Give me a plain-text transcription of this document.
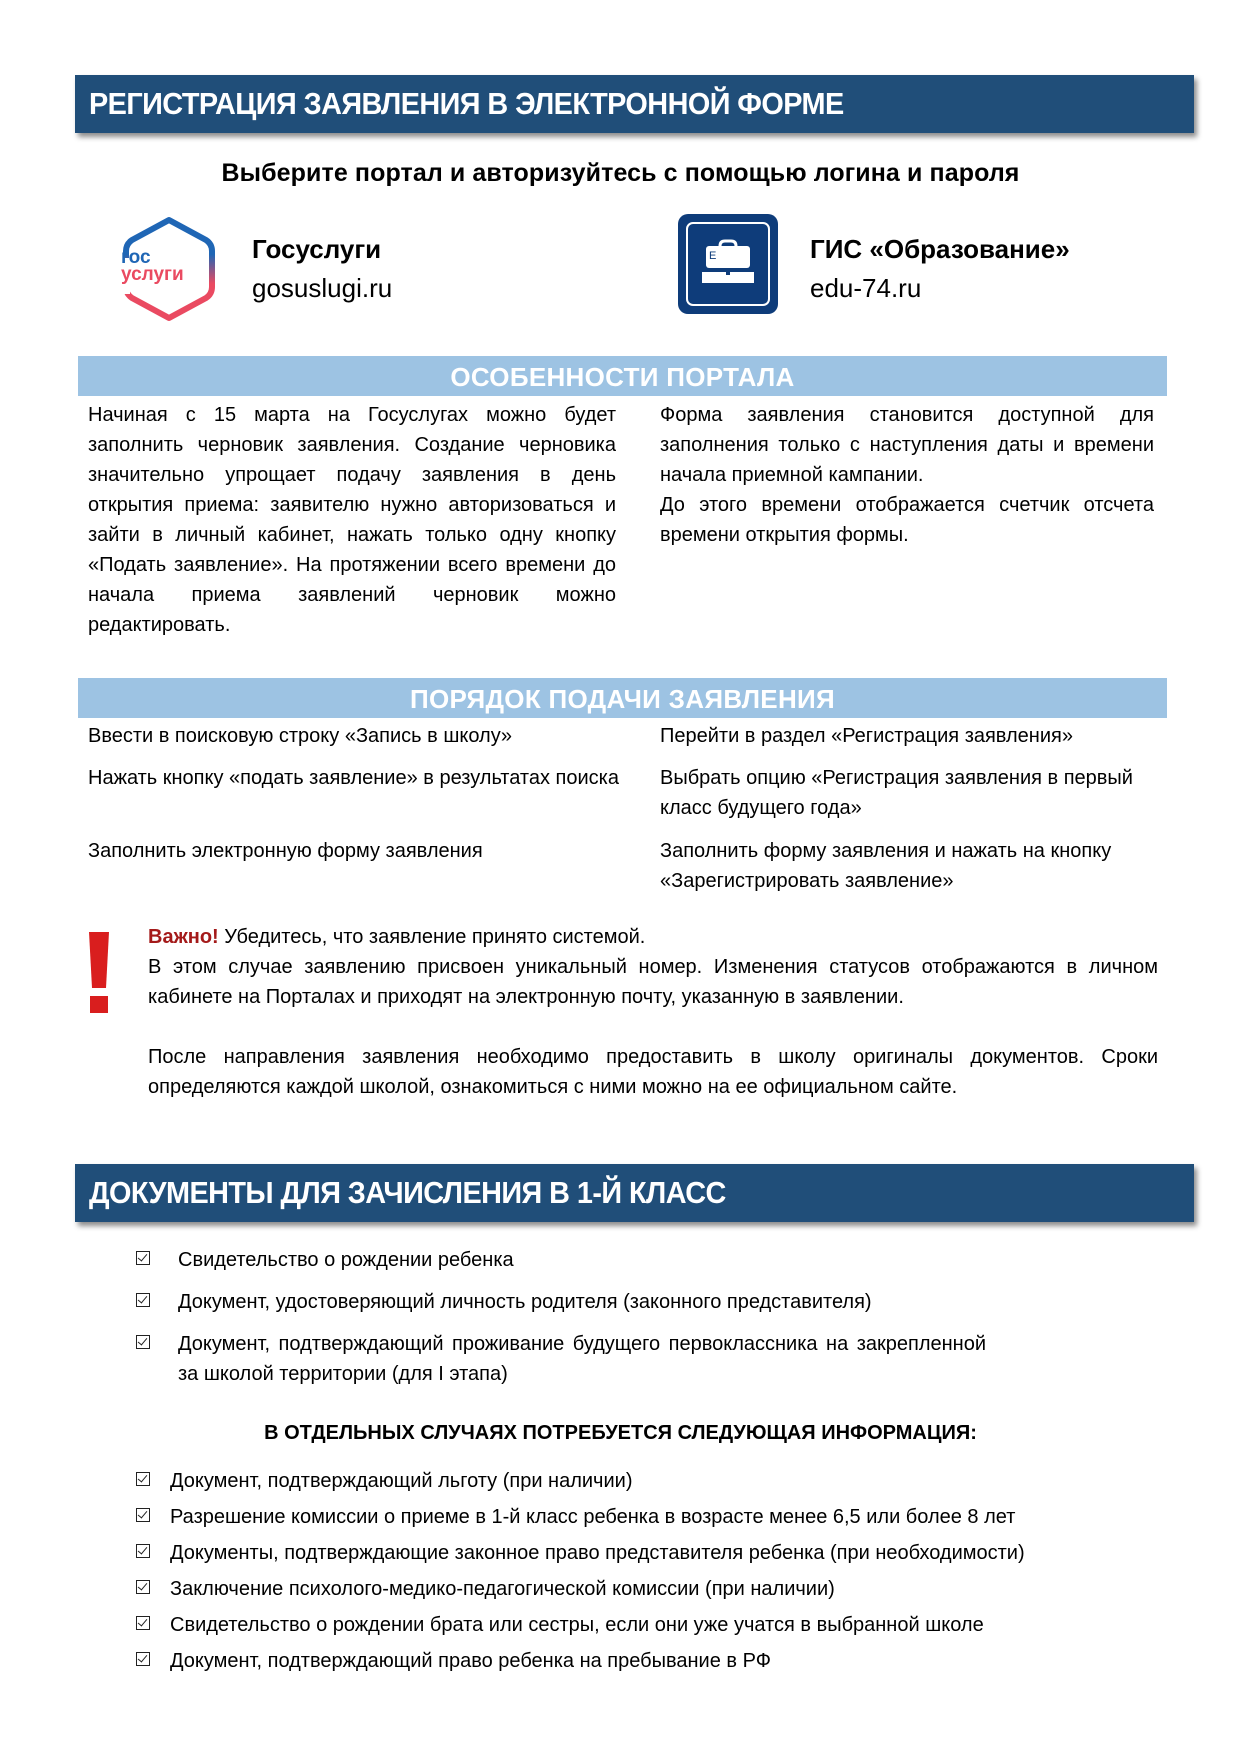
РЕГИСТРАЦИЯ ЗАЯВЛЕНИЯ В ЭЛЕКТРОННОЙ ФОРМЕ
Выберите портал и авторизуйтесь с помощью логина и пароля
гос
услуги
Госуслуги
gosuslugi.ru
E	ГИС «Образование»
edu-74.ru
ОСОБЕННОСТИ ПОРТАЛА

Начиная с 15 марта на Госуслугах можно будет заполнить черновик заявления. Создание черновика значительно упрощает подачу заявления в день открытия приема: заявителю нужно авторизоваться и зайти в личный кабинет, нажать только одну кнопку «Подать заявление». На протяжении всего времени до начала приема заявлений черновик можно редактировать.

Форма заявления становится доступной для заполнения только с наступления даты и времени начала приемной кампании.

До этого времени отображается счетчик отсчета времени открытия формы.

ПОРЯДОК ПОДАЧИ ЗАЯВЛЕНИЯ
Ввести в поисковую строку «Запись в школу»
Нажать кнопку «подать заявление» в результатах поиска
Заполнить электронную форму заявления
Перейти в раздел «Регистрация заявления»
Выбрать опцию «Регистрация заявления в первый класс будущего года»
Заполнить форму заявления и нажать на кнопку «Зарегистрировать заявление»

Важно! Убедитесь, что заявление принято системой.

В этом случае заявлению присвоен уникальный номер. Изменения статусов отображаются в личном кабинете на Порталах и приходят на электронную почту, указанную в заявлении.

После направления заявления необходимо предоставить в школу оригиналы документов. Сроки определяются каждой школой, ознакомиться с ними можно на ее официальном сайте.

ДОКУМЕНТЫ ДЛЯ ЗАЧИСЛЕНИЯ В 1-Й КЛАСС
Свидетельство о рождении ребенка
Документ, удостоверяющий личность родителя (законного представителя)
Документ, подтверждающий проживание будущего первоклассника на закрепленной за школой территории (для I этапа)
В ОТДЕЛЬНЫХ СЛУЧАЯХ ПОТРЕБУЕТСЯ СЛЕДУЮЩАЯ ИНФОРМАЦИЯ:
Документ, подтверждающий льготу (при наличии)
Разрешение комиссии о приеме в 1-й класс ребенка в возрасте менее 6,5 или более 8 лет
Документы, подтверждающие законное право представителя ребенка (при необходимости)
Заключение психолого-медико-педагогической комиссии (при наличии)
Свидетельство о рождении брата или сестры, если они уже учатся в выбранной школе
Документ, подтверждающий право ребенка на пребывание в РФ
